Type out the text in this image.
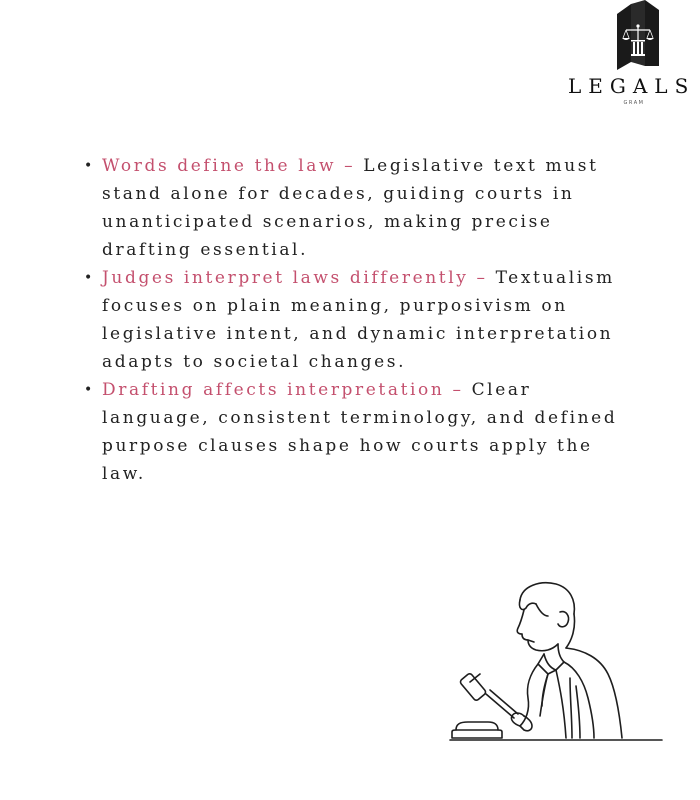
LEGALS
GRAM
• Words define the law – Legislative text must stand alone for decades, guiding courts in unanticipated scenarios, making precise drafting essential.
• Judges interpret laws differently – Textualism focuses on plain meaning, purposivism on legislative intent, and dynamic interpretation adapts to societal changes.
• Drafting affects interpretation – Clear language, consistent terminology, and defined purpose clauses shape how courts apply the law.
